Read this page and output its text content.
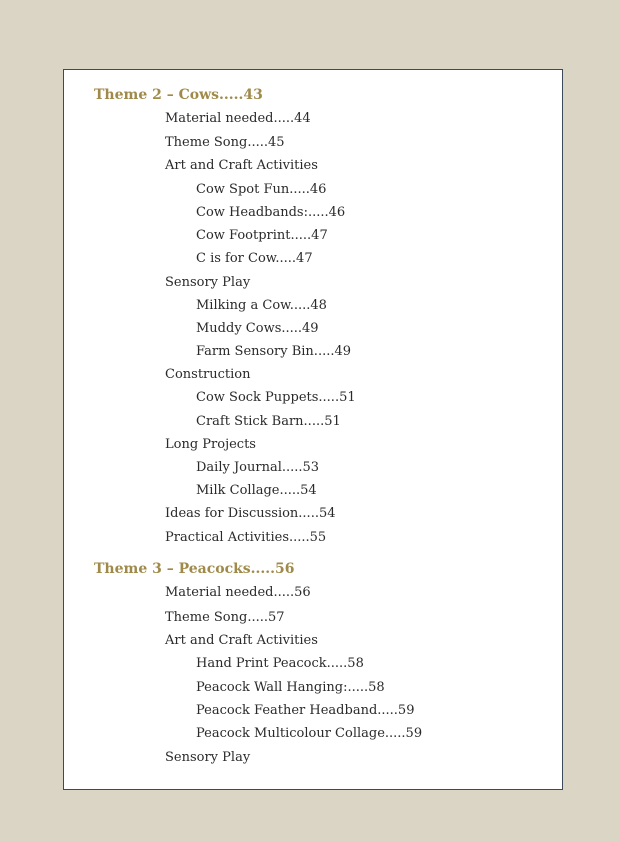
Theme 2 – Cows.....43
Material needed.....44
Theme Song.....45
Art and Craft Activities
Cow Spot Fun.....46
Cow Headbands:.....46
Cow Footprint.....47
C is for Cow.....47
Sensory Play
Milking a Cow.....48
Muddy Cows.....49
Farm Sensory Bin.....49
Construction
Cow Sock Puppets.....51
Craft Stick Barn.....51
Long Projects
Daily Journal.....53
Milk Collage.....54
Ideas for Discussion.....54
Practical Activities.....55
Theme 3 – Peacocks.....56
Material needed.....56
Theme Song.....57
Art and Craft Activities
Hand Print Peacock.....58
Peacock Wall Hanging:.....58
Peacock Feather Headband.....59
Peacock Multicolour Collage.....59
Sensory Play
